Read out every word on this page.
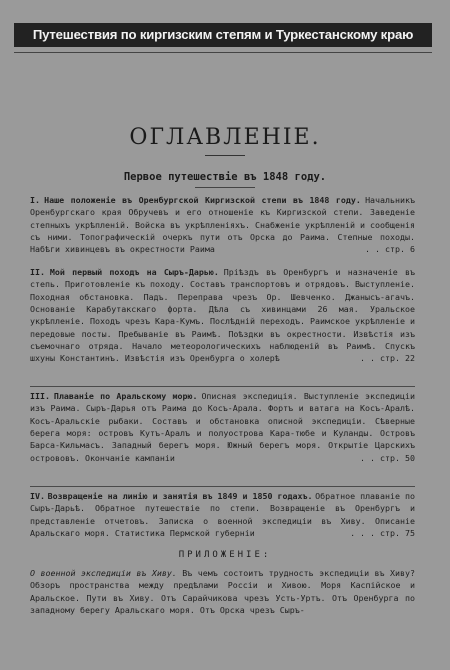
Путешествия по киргизским степям и Туркестанскому краю
ОГЛАВЛЕНІЕ.
Первое путешествіе въ 1848 году.
I. Наше положеніе въ Оренбургской Киргизской степи въ 1848 году. Начальникъ Оренбургскаго края Обручевъ и его отношеніе къ Киргизской степи. Заведеніе степныхъ укрѣпленій. Войска въ укрѣпленіяхъ. Снабженіе укрѣпленій и сообщенія съ ними. Топографическій очеркъ пути отъ Орска до Раима. Степные походы. Набѣги хивинцевъ въ окрестности Раима	. . стр. 6
II. Мой первый походъ на Сыръ-Дарью. Пріѣздъ въ Оренбургъ и назначеніе въ степь. Приготовленіе къ походу. Составъ транспортовъ и отрядовъ. Выступленіе. Походная обстановка. Падъ. Переправа чрезъ Ор. Шевченко. Джанысъ-агачъ. Основаніе Карабутакскаго форта. Дѣла съ хивинцами 26 мая. Уральское укрѣпленіе. Походъ чрезъ Кара-Кумъ. Послѣдній переходъ. Раимское укрѣпленіе и передовые посты. Пребываніе въ Раимѣ. Поѣздки въ окрестности. Извѣстія изъ съемочнаго отряда. Начало метеорологическихъ наблюденій въ Раимѣ. Спускъ шхуны Константинъ. Извѣстія изъ Оренбурга о холерѣ	. . стр. 22
III. Плаваніе по Аральскому морю. Описная экспедиція. Выступленіе экспедиціи изъ Раима. Сыръ-Дарья отъ Раима до Косъ-Арала. Фортъ и ватага на Косъ-Аралѣ. Косъ-Аральскіе рыбаки. Составъ и обстановка описной экспедиціи. Сѣверные берега моря: островъ Кутъ-Аралъ и полуострова Кара-тюбе и Куланды. Островъ Барса-Кильмасъ. Западный берегъ моря. Южный берегъ моря. Открытіе Царскихъ острововъ. Окончаніе кампаніи	. . стр. 50
IV. Возвращеніе на линію и занятія въ 1849 и 1850 годахъ. Обратное плаваніе по Сыръ-Дарьѣ. Обратное путешествіе по степи. Возвращеніе въ Оренбургъ и представленіе отчетовъ. Записка о военной экспедиціи въ Хиву. Описаніе Аральскаго моря. Статистика Пермской губерніи	. . . стр. 75
ПРИЛОЖЕНІЕ:
О военной экспедиціи въ Хиву. Въ чемъ состоитъ трудность экспедиціи въ Хиву? Обзоръ пространства между предѣлами Россіи и Хивою. Моря Каспійское и Аральское. Пути въ Хиву. Отъ Сарайчикова чрезъ Усть-Уртъ. Отъ Оренбурга по западному берегу Аральскаго моря. Отъ Орска чрезъ Сыръ-
